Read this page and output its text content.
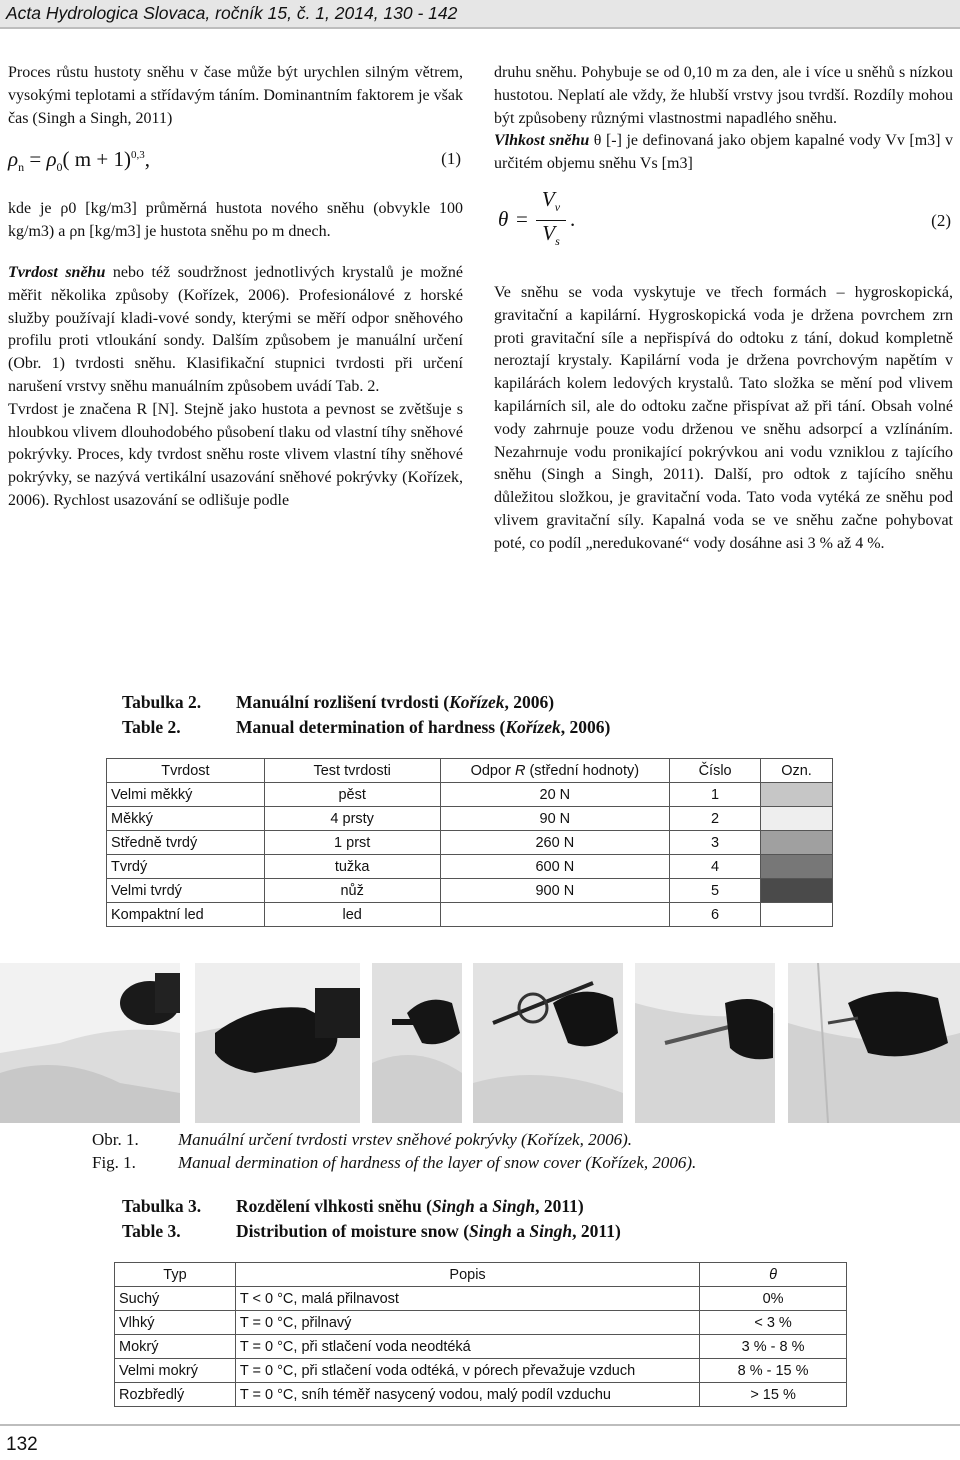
Acta Hydrologica Slovaca, ročník 15, č. 1, 2014, 130 - 142

Proces růstu hustoty sněhu v čase může být urychlen silným větrem, vysokými teplotami a střídavým táním. Dominantním faktorem je však čas (Singh a Singh, 2011)

$\rho_n = \rho_0$( m + 1)$^{0,3}$,	(1)

kde je ρ0 [kg/m3] průměrná hustota nového sněhu (obvykle 100 kg/m3) a ρn [kg/m3] je hustota sněhu po m dnech.

Tvrdost sněhu nebo též soudržnost jednotlivých krystalů je možné měřit několika způsoby (Kořízek, 2006). Profesionálové z horské služby používají kladi-vové sondy, kterými se měří odpor sněhového profilu proti vtloukání sondy. Dalším způsobem je manuální určení (Obr. 1) tvrdosti sněhu. Klasifikační stupnici tvrdosti při určení narušení vrstvy sněhu manuálním způsobem uvádí Tab. 2.

Tvrdost je značena R [N]. Stejně jako hustota a pevnost se zvětšuje s hloubkou vlivem dlouhodobého působení tlaku od vlastní tíhy sněhové pokrývky. Proces, kdy tvrdost sněhu roste vlivem vlastní tíhy sněhové pokrývky, se nazývá vertikální usazování sněhové pokrývky (Kořízek, 2006). Rychlost usazování se odlišuje podle

druhu sněhu. Pohybuje se od 0,10 m za den, ale i více u sněhů s nízkou hustotou. Neplatí ale vždy, že hlubší vrstvy jsou tvrdší. Rozdíly mohou být způsobeny různými vlastnostmi napadlého sněhu.

Vlhkost sněhu θ [-] je definovaná jako objem kapalné vody Vv [m3] v určitém objemu sněhu Vs [m3]

θ =
$V_v$
$V_s$
.	(2)

Ve sněhu se voda vyskytuje ve třech formách – hygroskopická, gravitační a kapilární. Hygroskopická voda je držena povrchem zrn proti gravitační síle a nepřispívá do odtoku z tání, dokud kompletně neroztají krystaly. Kapilární voda je držena povrchovým napětím v kapilárách kolem ledových krystalů. Tato složka se mění pod vlivem kapilárních sil, ale do odtoku začne přispívat až při tání. Obsah volné vody zahrnuje pouze vodu drženou ve sněhu adsorpcí a vzlínáním. Nezahrnuje vodu pronikající pokrývkou ani vodu vzniklou z tajícího sněhu (Singh a Singh, 2011). Další, pro odtok z tajícího sněhu důležitou složkou, je gravitační voda. Tato voda vytéká ze sněhu pod vlivem gravitační síly. Kapalná voda se ve sněhu začne pohybovat poté, co podíl „neredukované“ vody dosáhne asi 3 % až 4 %.

Tabulka 2. Manuální rozlišení tvrdosti (Kořízek, 2006)
Table 2.	Manual determination of hardness (Kořízek, 2006)
Tvrdost	Test tvrdosti	Odpor R (střední hodnoty)	Číslo	Ozn.
Velmi měkký	pěst	20 N	1	
Měkký	4 prsty	90 N	2	
Středně tvrdý	1 prst	260 N	3	
Tvrdý	tužka	600 N	4	
Velmi tvrdý	nůž	900 N	5	
Kompaktní led	led		6	
Obr. 1. Manuální určení tvrdosti vrstev sněhové pokrývky (Kořízek, 2006).
Fig. 1. Manual dermination of hardness of the layer of snow cover (Kořízek, 2006).
Tabulka 3. Rozdělení vlhkosti sněhu (Singh a Singh, 2011)
Table 3.	Distribution of moisture snow (Singh a Singh, 2011)
Typ	Popis	θ
Suchý	T < 0 °C, malá přilnavost	0%
Vlhký	T = 0 °C, přilnavý	< 3 %
Mokrý	T = 0 °C, při stlačení voda neodtéká	3 % - 8 %
Velmi mokrý	T = 0 °C, při stlačení voda odtéká, v pórech převažuje vzduch	8 % - 15 %
Rozbředlý	T = 0 °C, sníh téměř nasycený vodou, malý podíl vzduchu	> 15 %
132
